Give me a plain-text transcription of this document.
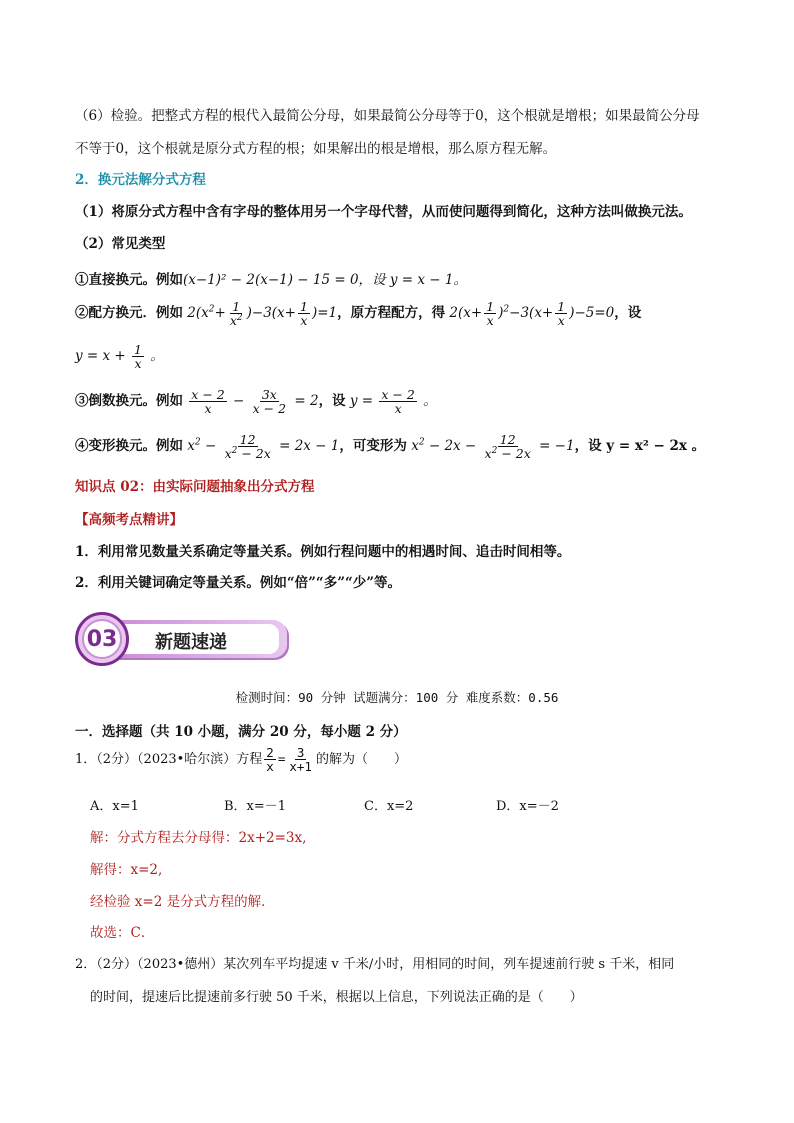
（6）检验。把整式方程的根代入最简公分母，如果最简公分母等于0，这个根就是增根；如果最简公分母
不等于0，这个根就是原分式方程的根；如果解出的根是增根，那么原方程无解。
2．换元法解分式方程
（1）将原分式方程中含有字母的整体用另一个字母代替，从而使问题得到简化，这种方法叫做换元法。
（2）常见类型
①直接换元。例如(x−1)² − 2(x−1) − 15 = 0，设 y = x − 1。
②配方换元．例如 $2(x^2+ \frac{1}{x^2} )-3(x+ \frac{1}{x} )=1$，原方程配方，得 $2(x+ \frac{1}{x} )^2-3(x+ \frac{1}{x} )-5=0$，设
$y = x + \frac{1}{x}$ 。
③倒数换元。例如 $\frac{x - 2}{x} - \frac{3x}{x - 2} = 2$，设 $y = \frac{x - 2}{x}$ 。
④变形换元。例如 $x^2 - \frac{12}{x^2 - 2x} = 2x - 1$，可变形为 $x^2 - 2x - \frac{12}{x^2 - 2x} = -1$，设 y = x² − 2x 。
知识点 02：由实际问题抽象出分式方程
【高频考点精讲】
1．利用常见数量关系确定等量关系。例如行程问题中的相遇时间、追击时间相等。
2．利用关键词确定等量关系。例如“倍”“多”“少”等。
新题速递
03
检测时间：90 分钟 试题满分：100 分 难度系数：0.56
一．选择题（共 10 小题，满分 20 分，每小题 2 分）
1．（2分）（2023•哈尔滨）方程 $\frac{2}{x} = \frac{3}{x+1}$ 的解为（　　）
A．x=1	B．x=－1	C．x=2	D．x=－2
解：分式方程去分母得：2x+2=3x,
解得：x=2,
经检验 x=2 是分式方程的解．
故选：C．
2．（2分）（2023•德州）某次列车平均提速 v 千米/小时，用相同的时间，列车提速前行驶 s 千米，相同
的时间，提速后比提速前多行驶 50 千米，根据以上信息，下列说法正确的是（　　）
